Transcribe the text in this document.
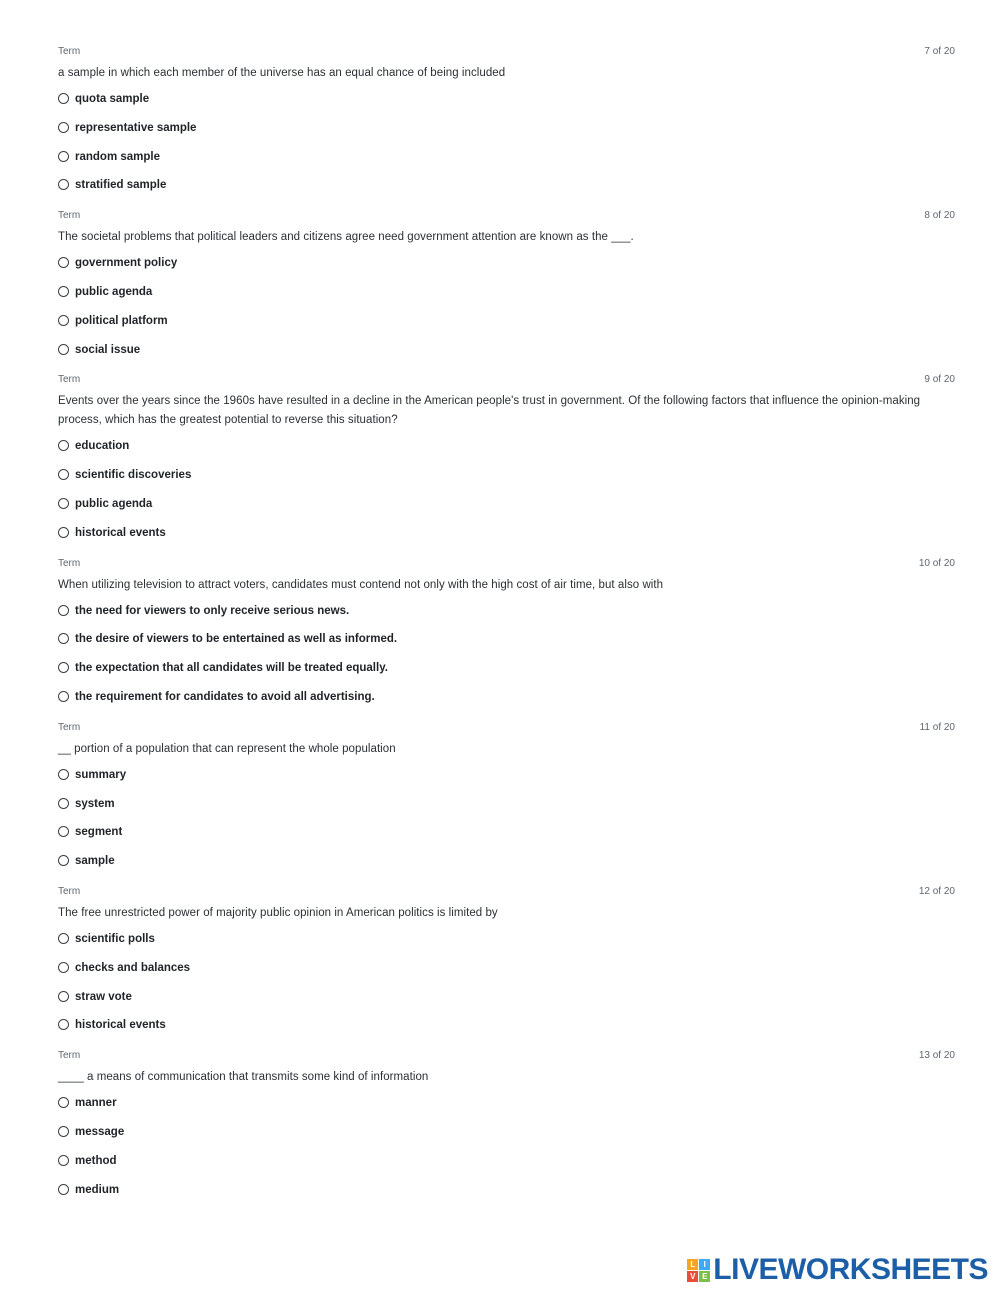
Term	7 of 20
a sample in which each member of the universe has an equal chance of being included
quota sample
representative sample
random sample
stratified sample
Term	8 of 20
The societal problems that political leaders and citizens agree need government attention are known as the ___.
government policy
public agenda
political platform
social issue
Term	9 of 20
Events over the years since the 1960s have resulted in a decline in the American people's trust in government. Of the following factors that influence the opinion-making process, which has the greatest potential to reverse this situation?
education
scientific discoveries
public agenda
historical events
Term	10 of 20
When utilizing television to attract voters, candidates must contend not only with the high cost of air time, but also with
the need for viewers to only receive serious news.
the desire of viewers to be entertained as well as informed.
the expectation that all candidates will be treated equally.
the requirement for candidates to avoid all advertising.
Term	11 of 20
__ portion of a population that can represent the whole population
summary
system
segment
sample
Term	12 of 20
The free unrestricted power of majority public opinion in American politics is limited by
scientific polls
checks and balances
straw vote
historical events
Term	13 of 20
____ a means of communication that transmits some kind of information
manner
message
method
medium
L	I
V E LIVEWORKSHEETS
